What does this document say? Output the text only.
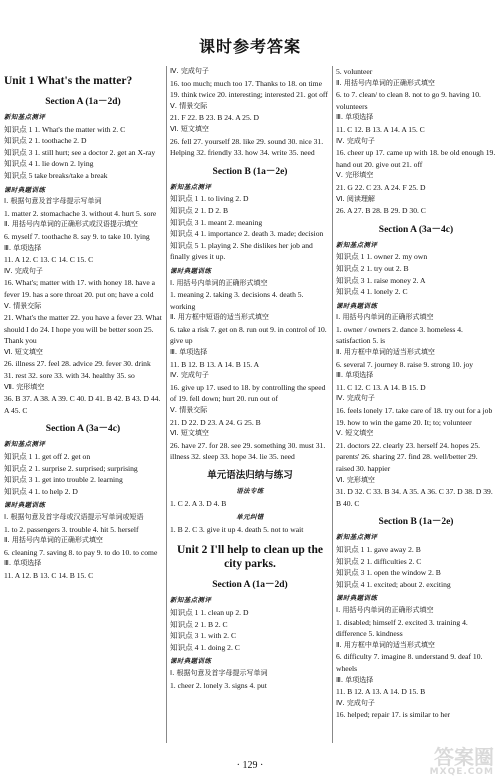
课时参考答案
Unit 1 What's the matter?
Section A (1a－2d)
新知基点测评
知识点 1 1. What's the matter with 2. C
知识点 2 1. toothache 2. D
知识点 3 1. still hurt; see a doctor 2. get an X-ray
知识点 4 1. lie down 2. lying
知识点 5 take breaks/take a break
课时典题训练
Ⅰ. 根据句意及首字母提示写单词
1. matter 2. stomachache 3. without 4. hurt 5. sore
Ⅱ. 用括号内单词的正确形式或汉语提示填空
6. myself 7. toothache 8. say 9. to take 10. lying
Ⅲ. 单项选择
11. A 12. C 13. C 14. C 15. C
Ⅳ. 完成句子
16. What's; matter with 17. with honey 18. have a fever 19. has a sore throat 20. put on; have a cold
Ⅴ. 情景交际
21. What's the matter 22. you have a fever 23. What should I do 24. I hope you will be better soon 25. Thank you
Ⅵ. 短文填空
26. illness 27. feel 28. advice 29. fever 30. drink 31. rest 32. sore 33. with 34. healthy 35. so
Ⅶ. 完形填空
36. B 37. A 38. A 39. C 40. D 41. B 42. B 43. D 44. A 45. C
Section A (3a－4c)
新知基点测评
知识点 1 1. get off 2. get on
知识点 2 1. surprise 2. surprised; surprising
知识点 3 1. get into trouble 2. learning
知识点 4 1. to help 2. D
课时典题训练
Ⅰ. 根据句意及首字母或汉语提示写单词或短语
1. to 2. passengers 3. trouble 4. hit 5. herself
Ⅱ. 用括号内单词的正确形式填空
6. cleaning 7. saving 8. to pay 9. to do 10. to come
Ⅲ. 单项选择
11. A 12. B 13. C 14. B 15. C
Ⅳ. 完成句子
16. too much; much too 17. Thanks to 18. on time 19. think twice 20. interesting; interested 21. got off
Ⅴ. 情景交际
21. F 22. B 23. B 24. A 25. D
Ⅵ. 短文填空
26. fell 27. yourself 28. like 29. sound 30. nice 31. Helping 32. friendly 33. how 34. write 35. need
Section B (1a－2e)
新知基点测评
知识点 1 1. to living 2. D
知识点 2 1. D 2. B
知识点 3 1. meant 2. meaning
知识点 4 1. importance 2. death 3. made; decision
知识点 5 1. playing 2. She dislikes her job and finally gives it up.
课时典题训练
Ⅰ. 用括号内单词的正确形式填空
1. meaning 2. taking 3. decisions 4. death 5. working
Ⅱ. 用方框中短语的适当形式填空
6. take a risk 7. get on 8. run out 9. in control of 10. give up
Ⅲ. 单项选择
11. B 12. B 13. A 14. B 15. A
Ⅳ. 完成句子
16. give up 17. used to 18. by controlling the speed of 19. fell down; hurt 20. run out of
Ⅴ. 情景交际
21. D 22. D 23. A 24. G 25. B
Ⅵ. 短文填空
26. have 27. for 28. see 29. something 30. must 31. illness 32. sleep 33. hope 34. lie 35. need
单元语法归纳与练习
语法专练
1. C 2. A 3. D 4. B
单元纠错
1. B 2. C 3. give it up 4. death 5. not to wait
Unit 2 I'll help to clean up the city parks.
Section A (1a－2d)
新知基点测评
知识点 1 1. clean up 2. D
知识点 2 1. B 2. C
知识点 3 1. with 2. C
知识点 4 1. doing 2. C
课时典题训练
Ⅰ. 根据句意及首字母提示写单词
1. cheer 2. lonely 3. signs 4. put
5. volunteer
Ⅱ. 用括号内单词的正确形式填空
6. to 7. clean/ to clean 8. not to go 9. having 10. volunteers
Ⅲ. 单项选择
11. C 12. B 13. A 14. A 15. C
Ⅳ. 完成句子
16. cheer up 17. came up with 18. be old enough 19. hand out 20. give out 21. off
Ⅴ. 完形填空
21. G 22. C 23. A 24. F 25. D
Ⅵ. 阅读理解
26. A 27. B 28. B 29. D 30. C
Section A (3a－4c)
新知基点测评
知识点 1 1. owner 2. my own
知识点 2 1. try out 2. B
知识点 3 1. raise money 2. A
知识点 4 1. lonely 2. C
课时典题训练
Ⅰ. 用括号内单词的正确形式填空
1. owner / owners 2. dance 3. homeless 4. satisfaction 5. is
Ⅱ. 用方框中单词的适当形式填空
6. several 7. journey 8. raise 9. strong 10. joy
Ⅲ. 单项选择
11. C 12. C 13. A 14. B 15. D
Ⅳ. 完成句子
16. feels lonely 17. take care of 18. try out for a job 19. how to win the game 20. It; to; volunteer
Ⅴ. 短文填空
21. doctors 22. clearly 23. herself 24. hopes 25. parents' 26. sharing 27. find 28. well/better 29. raised 30. happier
Ⅵ. 完形填空
31. D 32. C 33. B 34. A 35. A 36. C 37. D 38. D 39. B 40. C
Section B (1a－2e)
新知基点测评
知识点 1 1. gave away 2. B
知识点 2 1. difficulties 2. C
知识点 3 1. open the window 2. B
知识点 4 1. excited; about 2. exciting
课时典题训练
Ⅰ. 用括号内单词的正确形式填空
1. disabled; himself 2. excited 3. training 4. difference 5. kindness
Ⅱ. 用方框中单词的适当形式填空
6. difficulty 7. imagine 8. understand 9. deaf 10. wheels
Ⅲ. 单项选择
11. B 12. A 13. A 14. D 15. B
Ⅳ. 完成句子
16. helped; repair 17. is similar to her
· 129 ·	答案圈
MXQE.COM
